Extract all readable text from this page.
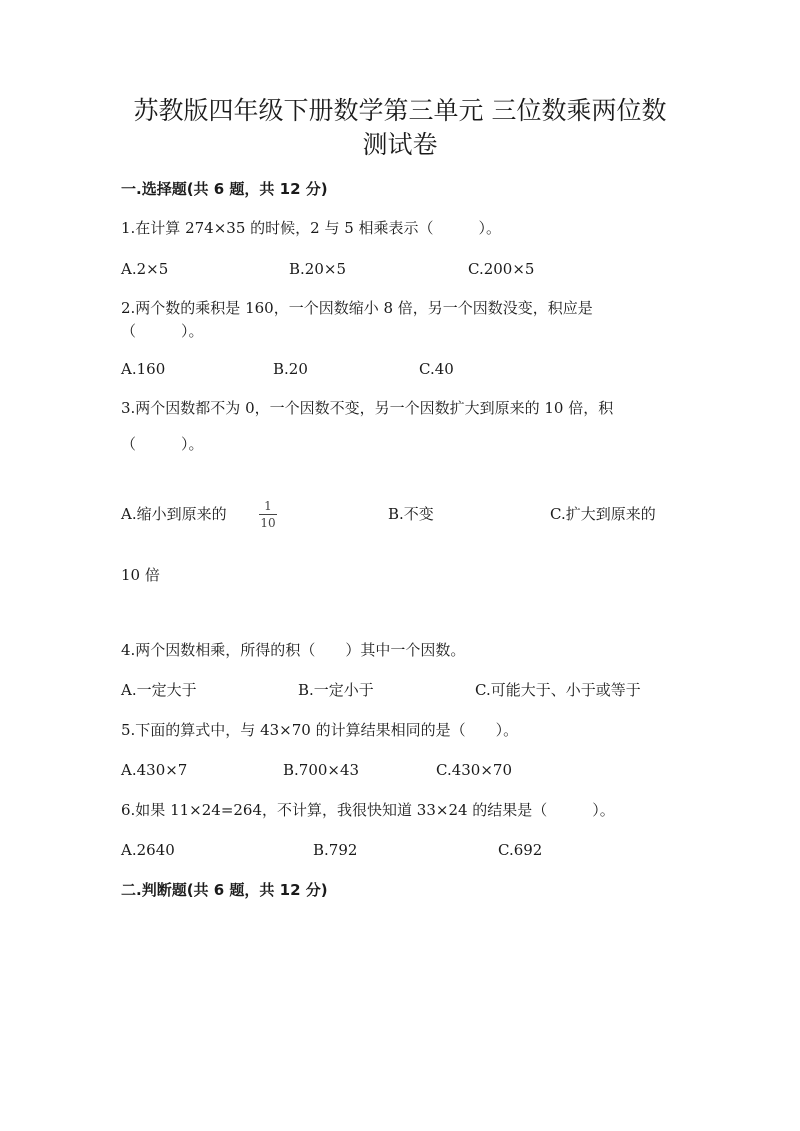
苏教版四年级下册数学第三单元 三位数乘两位数
测试卷
一.选择题(共 6 题，共 12 分)
1.在计算 274×35 的时候，2 与 5 相乘表示（　　　）。
A.2×5	B.20×5	C.200×5
2.两个数的乘积是 160，一个因数缩小 8 倍，另一个因数没变，积应是
（　　　）。
A.160	B.20	C.40
3.两个因数都不为 0，一个因数不变，另一个因数扩大到原来的 10 倍，积
（　　　）。
A.缩小到原来的	1
10	B.不变	C.扩大到原来的
10 倍
4.两个因数相乘，所得的积（　　）其中一个因数。
A.一定大于	B.一定小于	C.可能大于、小于或等于
5.下面的算式中，与 43×70 的计算结果相同的是（　　）。
A.430×7	B.700×43	C.430×70
6.如果 11×24=264，不计算，我很快知道 33×24 的结果是（　　　）。
A.2640	B.792	C.692
二.判断题(共 6 题，共 12 分)
